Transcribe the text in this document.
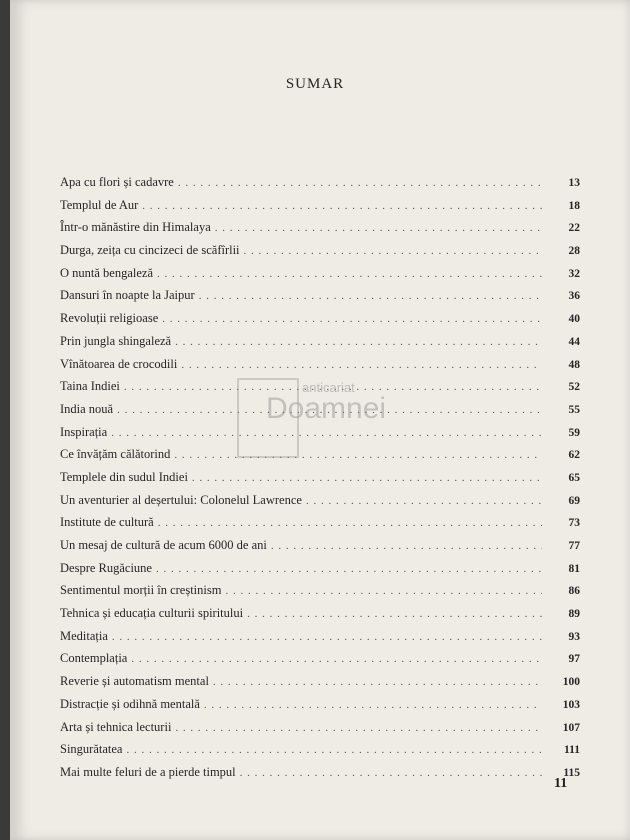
SUMAR
Apa cu flori și cadavre . . .	13
Templul de Aur . . .	18
Într-o mănăstire din Himalaya . . .	22
Durga, zeița cu cincizeci de scăfîrlii . . .	28
O nuntă bengaleză . . .	32
Dansuri în noapte la Jaipur . . .	36
Revoluții religioase . . .	40
Prin jungla shingaleză . . .	44
Vînătoarea de crocodili . . .	48
Taina Indiei . . .	52
India nouă . . .	55
Inspirația . . .	59
Ce învățăm călătorind . . .	62
Templele din sudul Indiei . . .	65
Un aventurier al deșertului: Colonelul Lawrence . . .	69
Institute de cultură . . .	73
Un mesaj de cultură de acum 6000 de ani . . .	77
Despre Rugăciune . . .	81
Sentimentul morții în creștinism . . .	86
Tehnica și educația culturii spiritului . . .	89
Meditația . . .	93
Contemplația . . .	97
Reverie și automatism mental . . .	100
Distracție și odihnă mentală . . .	103
Arta și tehnica lecturii . . .	107
Singurătatea . . .	111
Mai multe feluri de a pierde timpul . . .	115
11
anticariat
Doamnei
